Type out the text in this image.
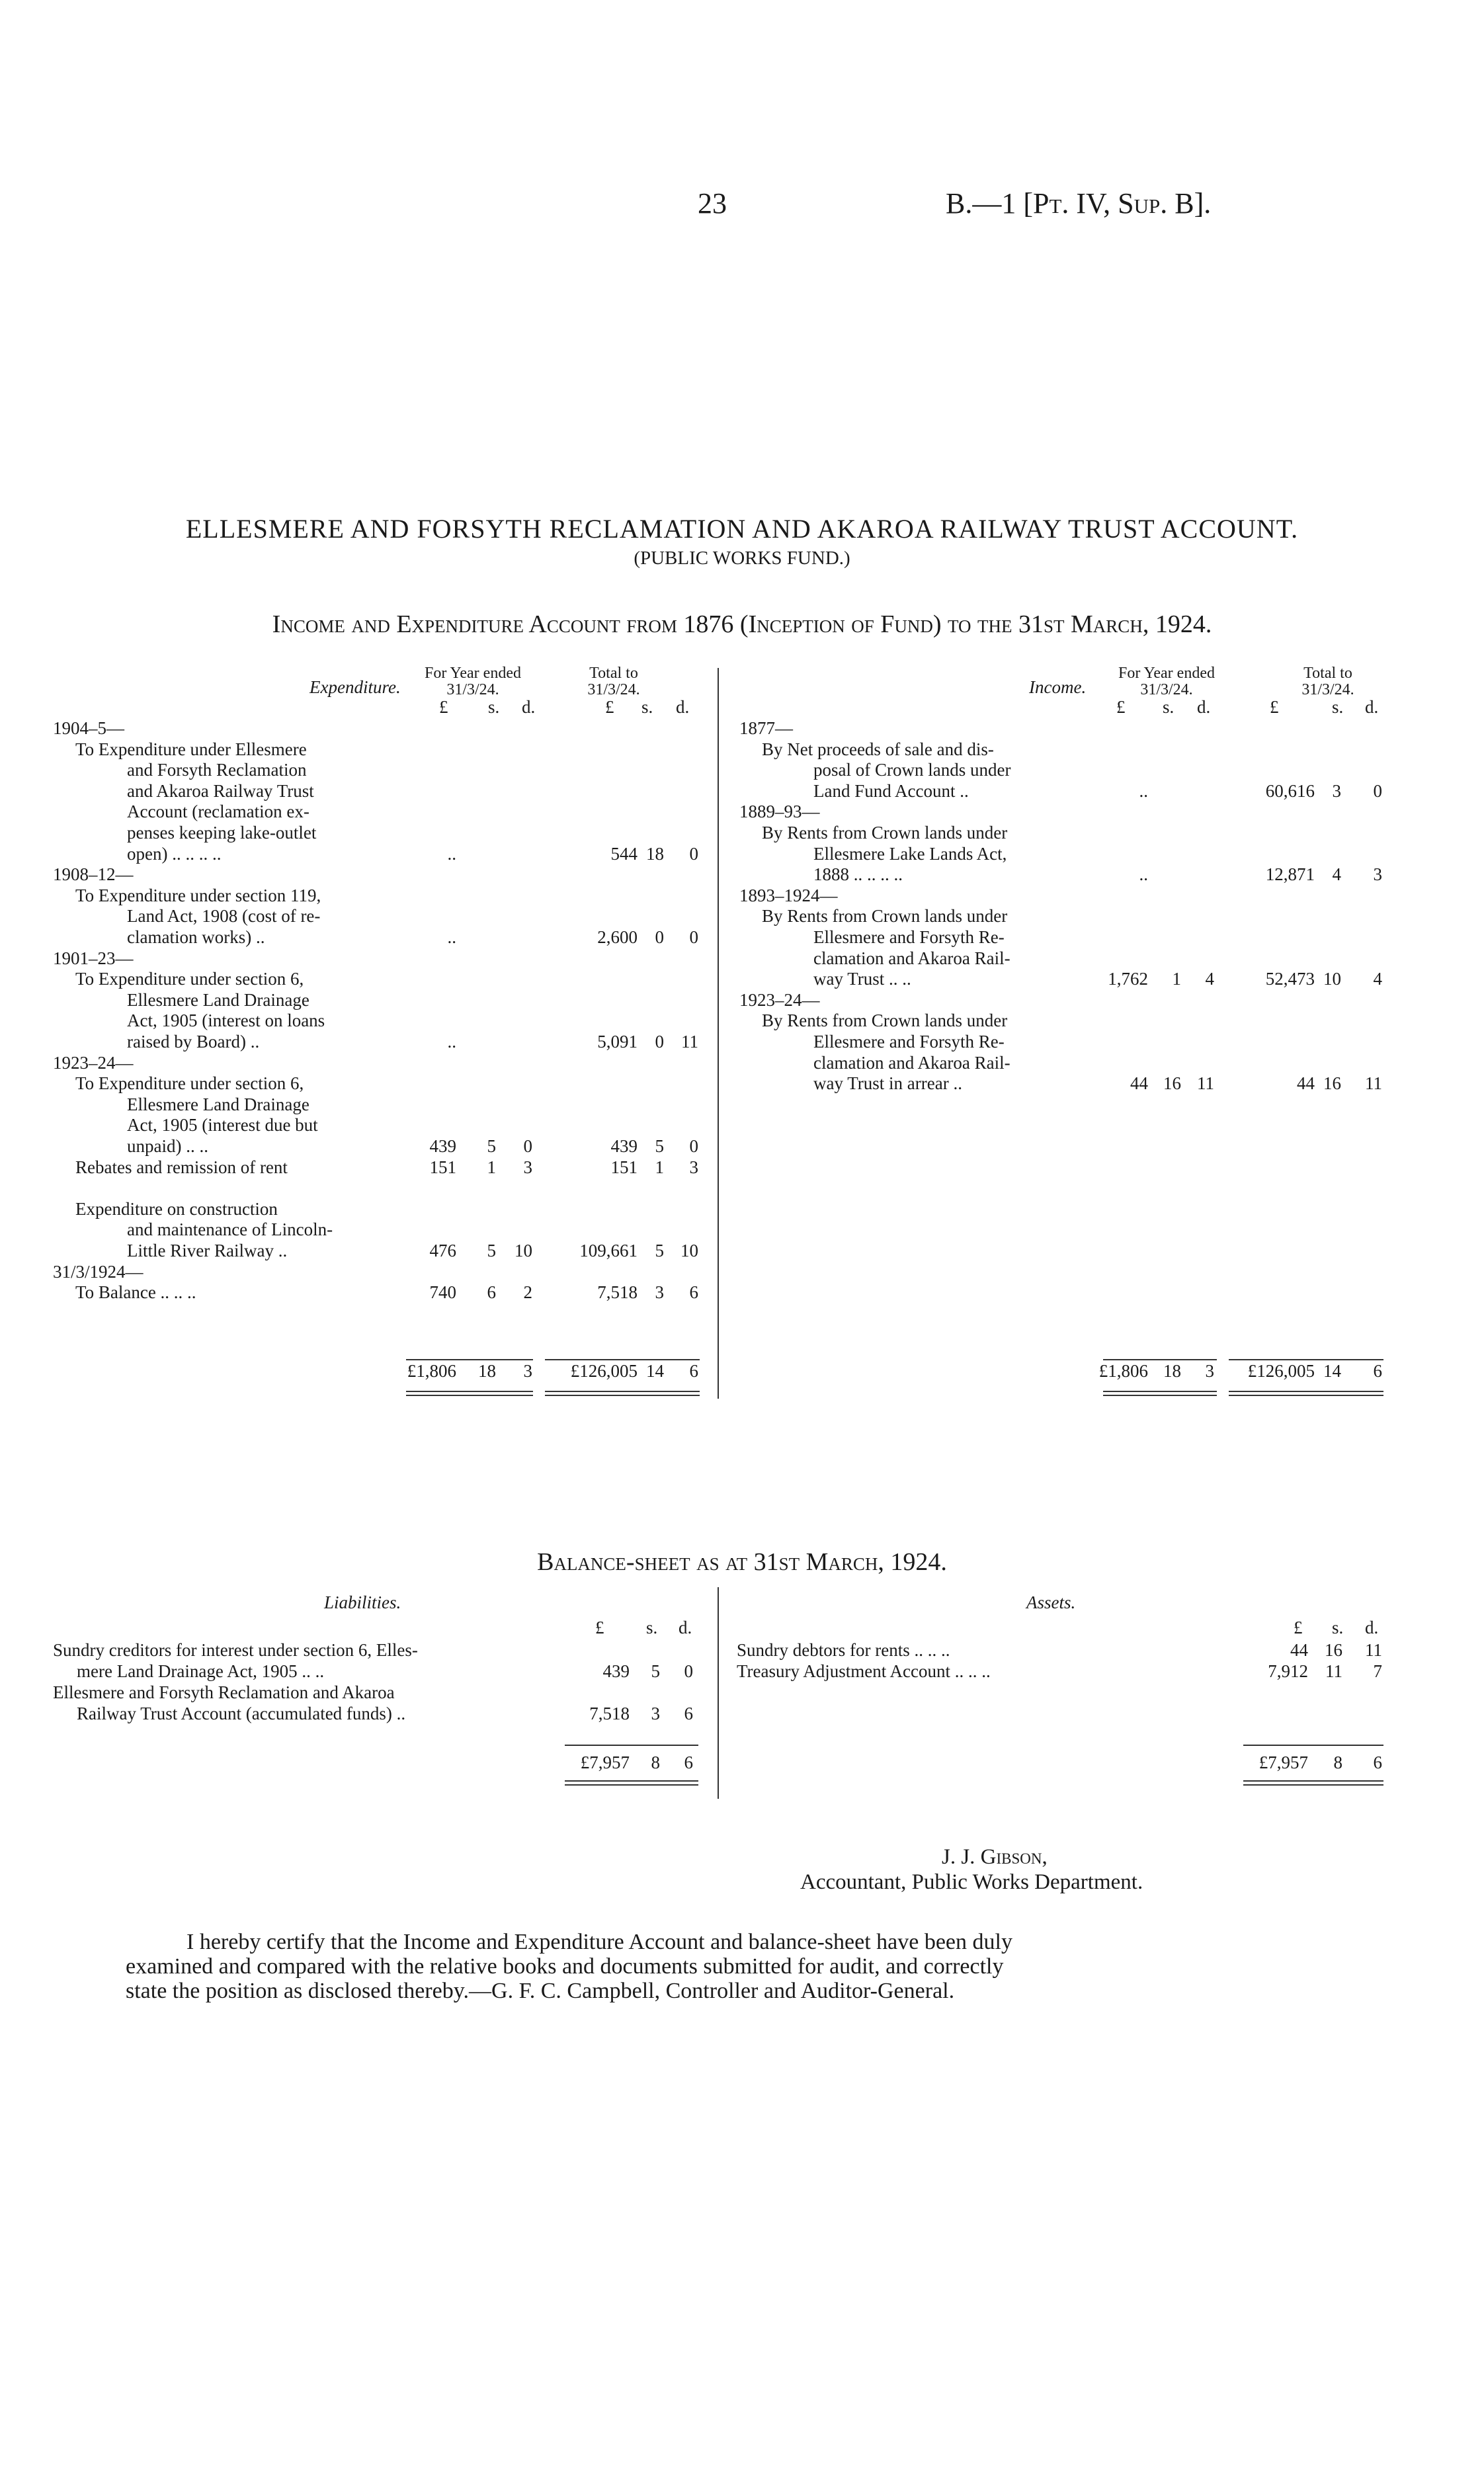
23	B.—1 [Pt. IV, Sup. B].
ELLESMERE AND FORSYTH RECLAMATION AND AKAROA RAILWAY TRUST ACCOUNT.
(PUBLIC WORKS FUND.)
Income and Expenditure Account from 1876 (Inception of Fund) to the 31st March, 1924.
Expenditure.
For Year ended
31/3/24.
Total to
31/3/24.
£ s. d.	£ s. d.
1904–5—
To Expenditure under Ellesmere
and Forsyth Reclamation
and Akaroa Railway Trust
Account (reclamation ex-
penses keeping lake-outlet
open) .. .. .. ..	..	544 18	0
1908–12—
To Expenditure under section 119,
Land Act, 1908 (cost of re-
clamation works) ..	..	2,600 0	0
1901–23—
To Expenditure under section 6,
Ellesmere Land Drainage
Act, 1905 (interest on loans
raised by Board) ..	..	5,091 0 11
1923–24—
To Expenditure under section 6,
Ellesmere Land Drainage
Act, 1905 (interest due but
unpaid) .. ..	439	5	0	439 5	0
Rebates and remission of rent	151	1	3	151 1	3
Expenditure on construction
and maintenance of Lincoln-
Little River Railway ..	476	5	10	109,661 5 10
31/3/1924—
To Balance .. .. ..	740	6	2	7,518 3	6
£1,806	18	3	£126,005 14	6
Income.
For Year ended
31/3/24.
Total to
31/3/24.
£ s. d.	£	s. d.
1877—
By Net proceeds of sale and dis-
posal of Crown lands under
Land Fund Account ..	..	60,616 3	0
1889–93—
By Rents from Crown lands under
Ellesmere Lake Lands Act,
1888 .. .. .. ..	..	12,871 4	3
1893–1924—
By Rents from Crown lands under
Ellesmere and Forsyth Re-
clamation and Akaroa Rail-
way Trust .. ..	1,762	1	4	52,473 10	4
1923–24—
By Rents from Crown lands under
Ellesmere and Forsyth Re-
clamation and Akaroa Rail-
way Trust in arrear ..	44 16 11	44 16	11
£1,806 18	3	£126,005 14	6
Balance-sheet as at 31st March, 1924.
Liabilities.
£ s. d.
Sundry creditors for interest under section 6, Elles-
mere Land Drainage Act, 1905 .. ..	439	5	0
Ellesmere and Forsyth Reclamation and Akaroa
Railway Trust Account (accumulated funds) ..	7,518	3	6
£7,957	8	6
Assets.
£ s. d.
Sundry debtors for rents .. .. ..	44 16	11
Treasury Adjustment Account .. .. ..	7,912 11	7
£7,957	8	6
J. J. Gibson,
Accountant, Public Works Department.
I hereby certify that the Income and Expenditure Account and balance-sheet have been duly
examined and compared with the relative books and documents submitted for audit, and correctly
state the position as disclosed thereby.—G. F. C. Campbell, Controller and Auditor-General.
